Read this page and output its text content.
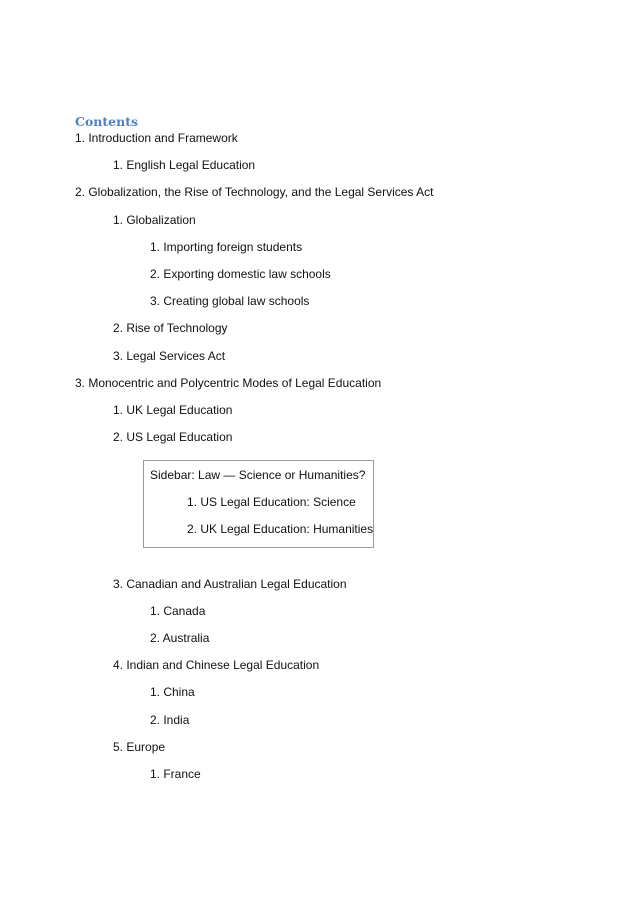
Contents
1. Introduction and Framework
1. English Legal Education
2. Globalization, the Rise of Technology, and the Legal Services Act
1. Globalization
1. Importing foreign students
2. Exporting domestic law schools
3. Creating global law schools
2. Rise of Technology
3. Legal Services Act
3. Monocentric and Polycentric Modes of Legal Education
1. UK Legal Education
2. US Legal Education
Sidebar: Law — Science or Humanities?
1. US Legal Education: Science
2. UK Legal Education: Humanities
3. Canadian and Australian Legal Education
1. Canada
2. Australia
4. Indian and Chinese Legal Education
1. China
2. India
5. Europe
1. France
